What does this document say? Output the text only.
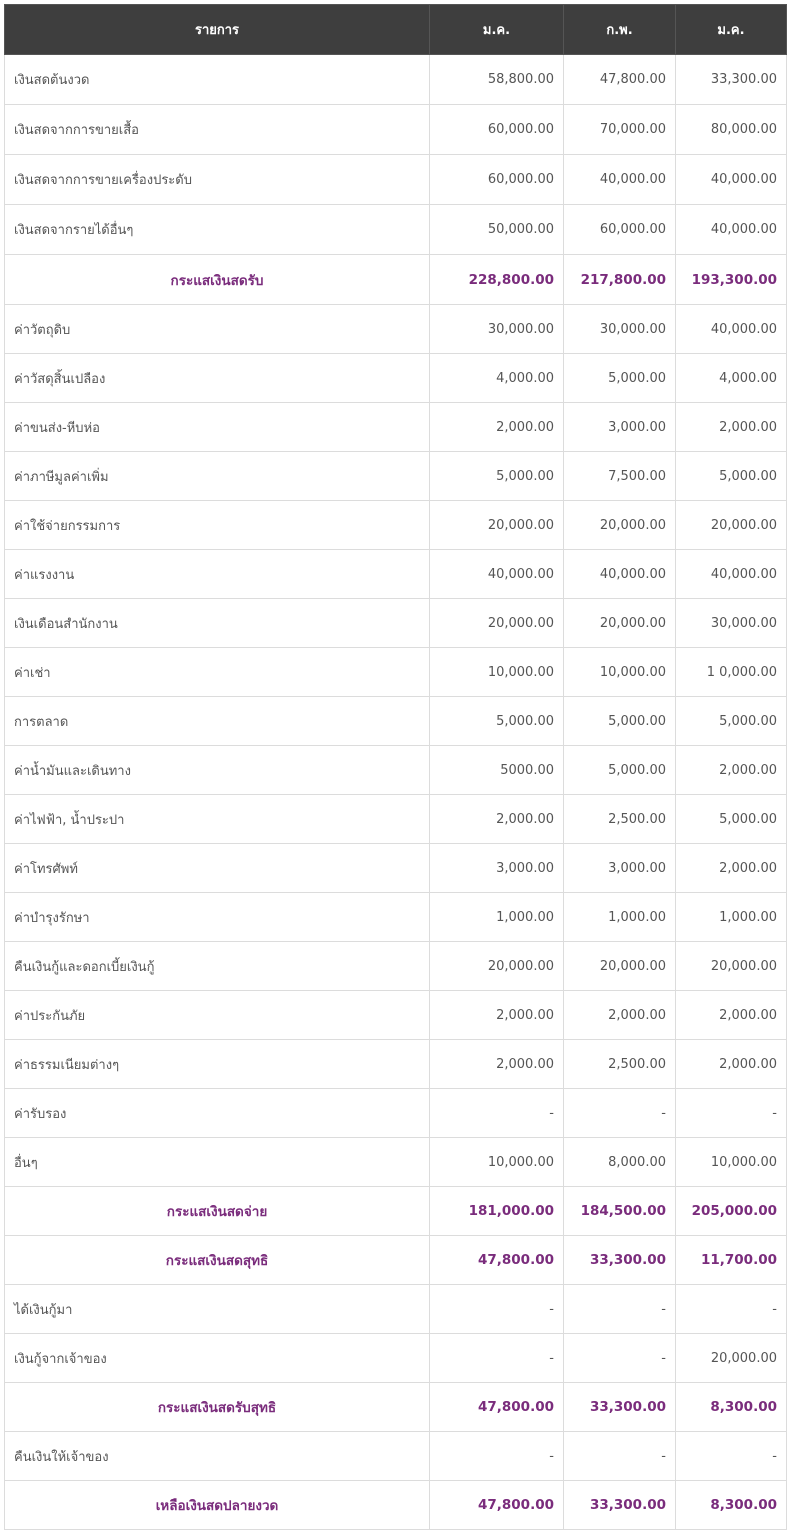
รายการ	ม.ค.	ก.พ.	ม.ค.
เงินสดต้นงวด	58,800.00	47,800.00	33,300.00
เงินสดจากการขายเสื้อ	60,000.00	70,000.00	80,000.00
เงินสดจากการขายเครื่องประดับ	60,000.00	40,000.00	40,000.00
เงินสดจากรายได้อื่นๆ	50,000.00	60,000.00	40,000.00
กระแสเงินสดรับ	228,800.00	217,800.00	193,300.00
ค่าวัตถุดิบ	30,000.00	30,000.00	40,000.00
ค่าวัสดุสิ้นเปลือง	4,000.00	5,000.00	4,000.00
ค่าขนส่ง-หีบห่อ	2,000.00	3,000.00	2,000.00
ค่าภาษีมูลค่าเพิ่ม	5,000.00	7,500.00	5,000.00
ค่าใช้จ่ายกรรมการ	20,000.00	20,000.00	20,000.00
ค่าแรงงาน	40,000.00	40,000.00	40,000.00
เงินเดือนสำนักงาน	20,000.00	20,000.00	30,000.00
ค่าเช่า	10,000.00	10,000.00	1 0,000.00
การตลาด	5,000.00	5,000.00	5,000.00
ค่าน้ำมันและเดินทาง	5000.00	5,000.00	2,000.00
ค่าไฟฟ้า, น้ำประปา	2,000.00	2,500.00	5,000.00
ค่าโทรศัพท์	3,000.00	3,000.00	2,000.00
ค่าบำรุงรักษา	1,000.00	1,000.00	1,000.00
คืนเงินกู้และดอกเบี้ยเงินกู้	20,000.00	20,000.00	20,000.00
ค่าประกันภัย	2,000.00	2,000.00	2,000.00
ค่าธรรมเนียมต่างๆ	2,000.00	2,500.00	2,000.00
ค่ารับรอง	-	-	-
อื่นๆ	10,000.00	8,000.00	10,000.00
กระแสเงินสดจ่าย	181,000.00	184,500.00	205,000.00
กระแสเงินสดสุทธิ	47,800.00	33,300.00	11,700.00
ได้เงินกู้มา	-	-	-
เงินกู้จากเจ้าของ	-	-	20,000.00
กระแสเงินสดรับสุทธิ	47,800.00	33,300.00	8,300.00
คืนเงินให้เจ้าของ	-	-	-
เหลือเงินสดปลายงวด	47,800.00	33,300.00	8,300.00
